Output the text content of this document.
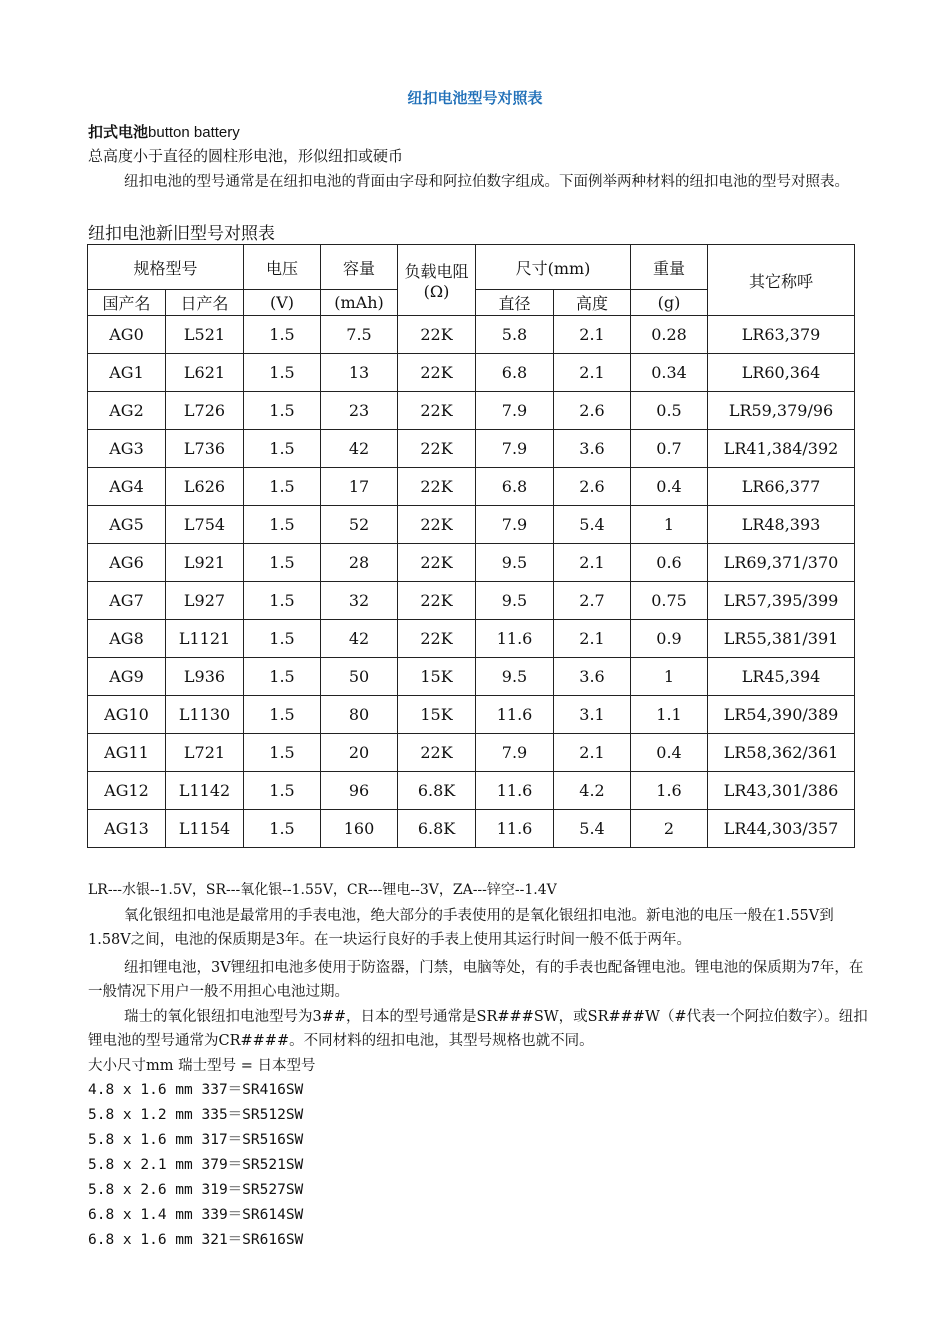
纽扣电池型号对照表
扣式电池button battery
总高度小于直径的圆柱形电池，形似纽扣或硬币
纽扣电池的型号通常是在纽扣电池的背面由字母和阿拉伯数字组成。下面例举两种材料的纽扣电池的型号对照表。
纽扣电池新旧型号对照表
规格型号		电压	容量	负载电阻
(Ω)	尺寸(mm)		重量	其它称呼
国产名	日产名	(V)	(mAh)		直径	高度	(g)	
AG0	L521	1.5	7.5	22K	5.8	2.1	0.28	LR63,379
AG1	L621	1.5	13	22K	6.8	2.1	0.34	LR60,364
AG2	L726	1.5	23	22K	7.9	2.6	0.5	LR59,379/96
AG3	L736	1.5	42	22K	7.9	3.6	0.7	LR41,384/392
AG4	L626	1.5	17	22K	6.8	2.6	0.4	LR66,377
AG5	L754	1.5	52	22K	7.9	5.4	1	LR48,393
AG6	L921	1.5	28	22K	9.5	2.1	0.6	LR69,371/370
AG7	L927	1.5	32	22K	9.5	2.7	0.75	LR57,395/399
AG8	L1121	1.5	42	22K	11.6	2.1	0.9	LR55,381/391
AG9	L936	1.5	50	15K	9.5	3.6	1	LR45,394
AG10	L1130	1.5	80	15K	11.6	3.1	1.1	LR54,390/389
AG11	L721	1.5	20	22K	7.9	2.1	0.4	LR58,362/361
AG12	L1142	1.5	96	6.8K	11.6	4.2	1.6	LR43,301/386
AG13	L1154	1.5	160	6.8K	11.6	5.4	2	LR44,303/357
LR---水银--1.5V，SR---氧化银--1.55V，CR---锂电--3V，ZA---锌空--1.4V
氧化银纽扣电池是最常用的手表电池，绝大部分的手表使用的是氧化银纽扣电池。新电池的电压一般在1.55V到1.58V之间，电池的保质期是3年。在一块运行良好的手表上使用其运行时间一般不低于两年。
纽扣锂电池，3V锂纽扣电池多使用于防盗器，门禁，电脑等处，有的手表也配备锂电池。锂电池的保质期为7年，在一般情况下用户一般不用担心电池过期。
瑞士的氧化银纽扣电池型号为3##，日本的型号通常是SR###SW，或SR###W（#代表一个阿拉伯数字）。纽扣锂电池的型号通常为CR####。不同材料的纽扣电池，其型号规格也就不同。
大小尺寸mm 瑞士型号 = 日本型号
4.8 x 1.6 mm 337＝SR416SW
5.8 x 1.2 mm 335＝SR512SW
5.8 x 1.6 mm 317＝SR516SW
5.8 x 2.1 mm 379＝SR521SW
5.8 x 2.6 mm 319＝SR527SW
6.8 x 1.4 mm 339＝SR614SW
6.8 x 1.6 mm 321＝SR616SW
